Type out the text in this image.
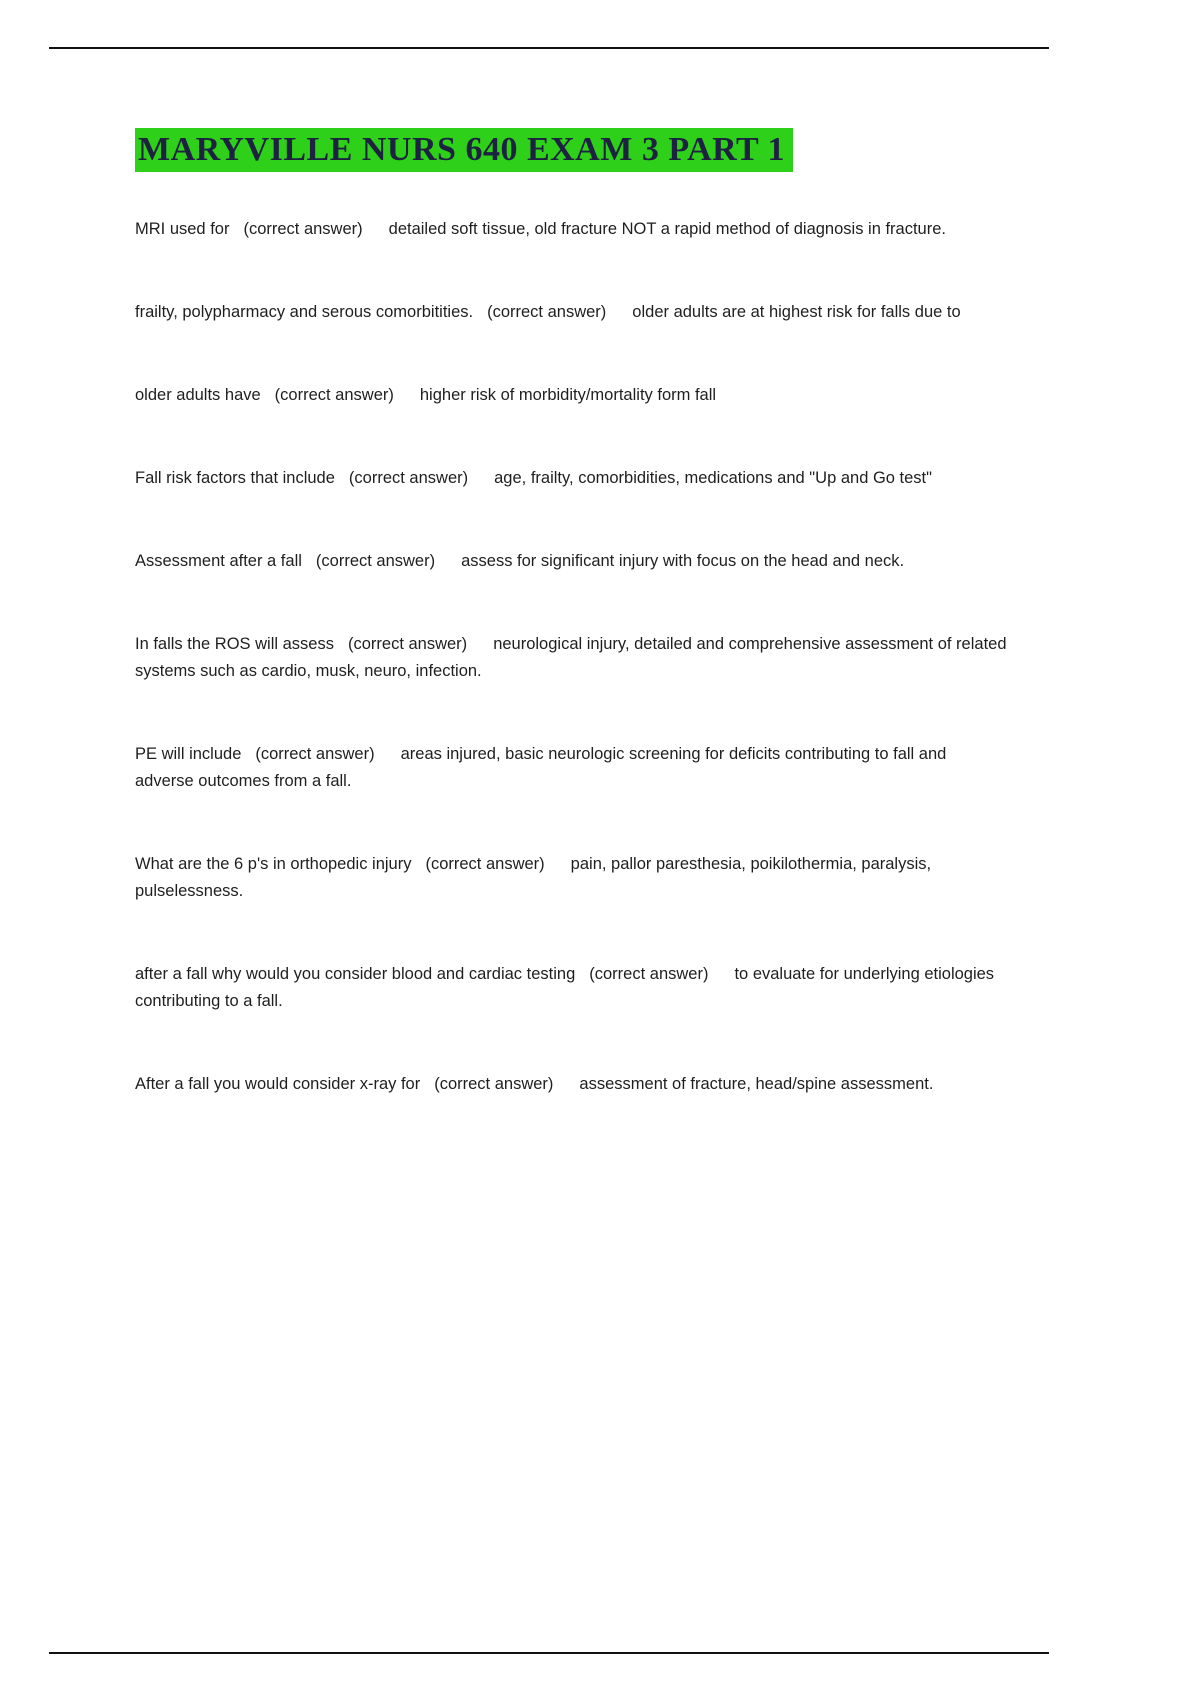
MARYVILLE NURS 640 EXAM 3 PART 1

MRI used for (correct answer) detailed soft tissue, old fracture NOT a rapid method of diagnosis in fracture.

frailty, polypharmacy and serous comorbitities. (correct answer) older adults are at highest risk for falls due to

older adults have (correct answer) higher risk of morbidity/mortality form fall

Fall risk factors that include (correct answer) age, frailty, comorbidities, medications and "Up and Go test"

Assessment after a fall (correct answer) assess for significant injury with focus on the head and neck.

In falls the ROS will assess (correct answer) neurological injury, detailed and comprehensive assessment of related systems such as cardio, musk, neuro, infection.

PE will include (correct answer) areas injured, basic neurologic screening for deficits contributing to fall and adverse outcomes from a fall.

What are the 6 p's in orthopedic injury (correct answer) pain, pallor paresthesia, poikilothermia, paralysis, pulselessness.

after a fall why would you consider blood and cardiac testing (correct answer) to evaluate for underlying etiologies contributing to a fall.

After a fall you would consider x-ray for (correct answer) assessment of fracture, head/spine assessment.
